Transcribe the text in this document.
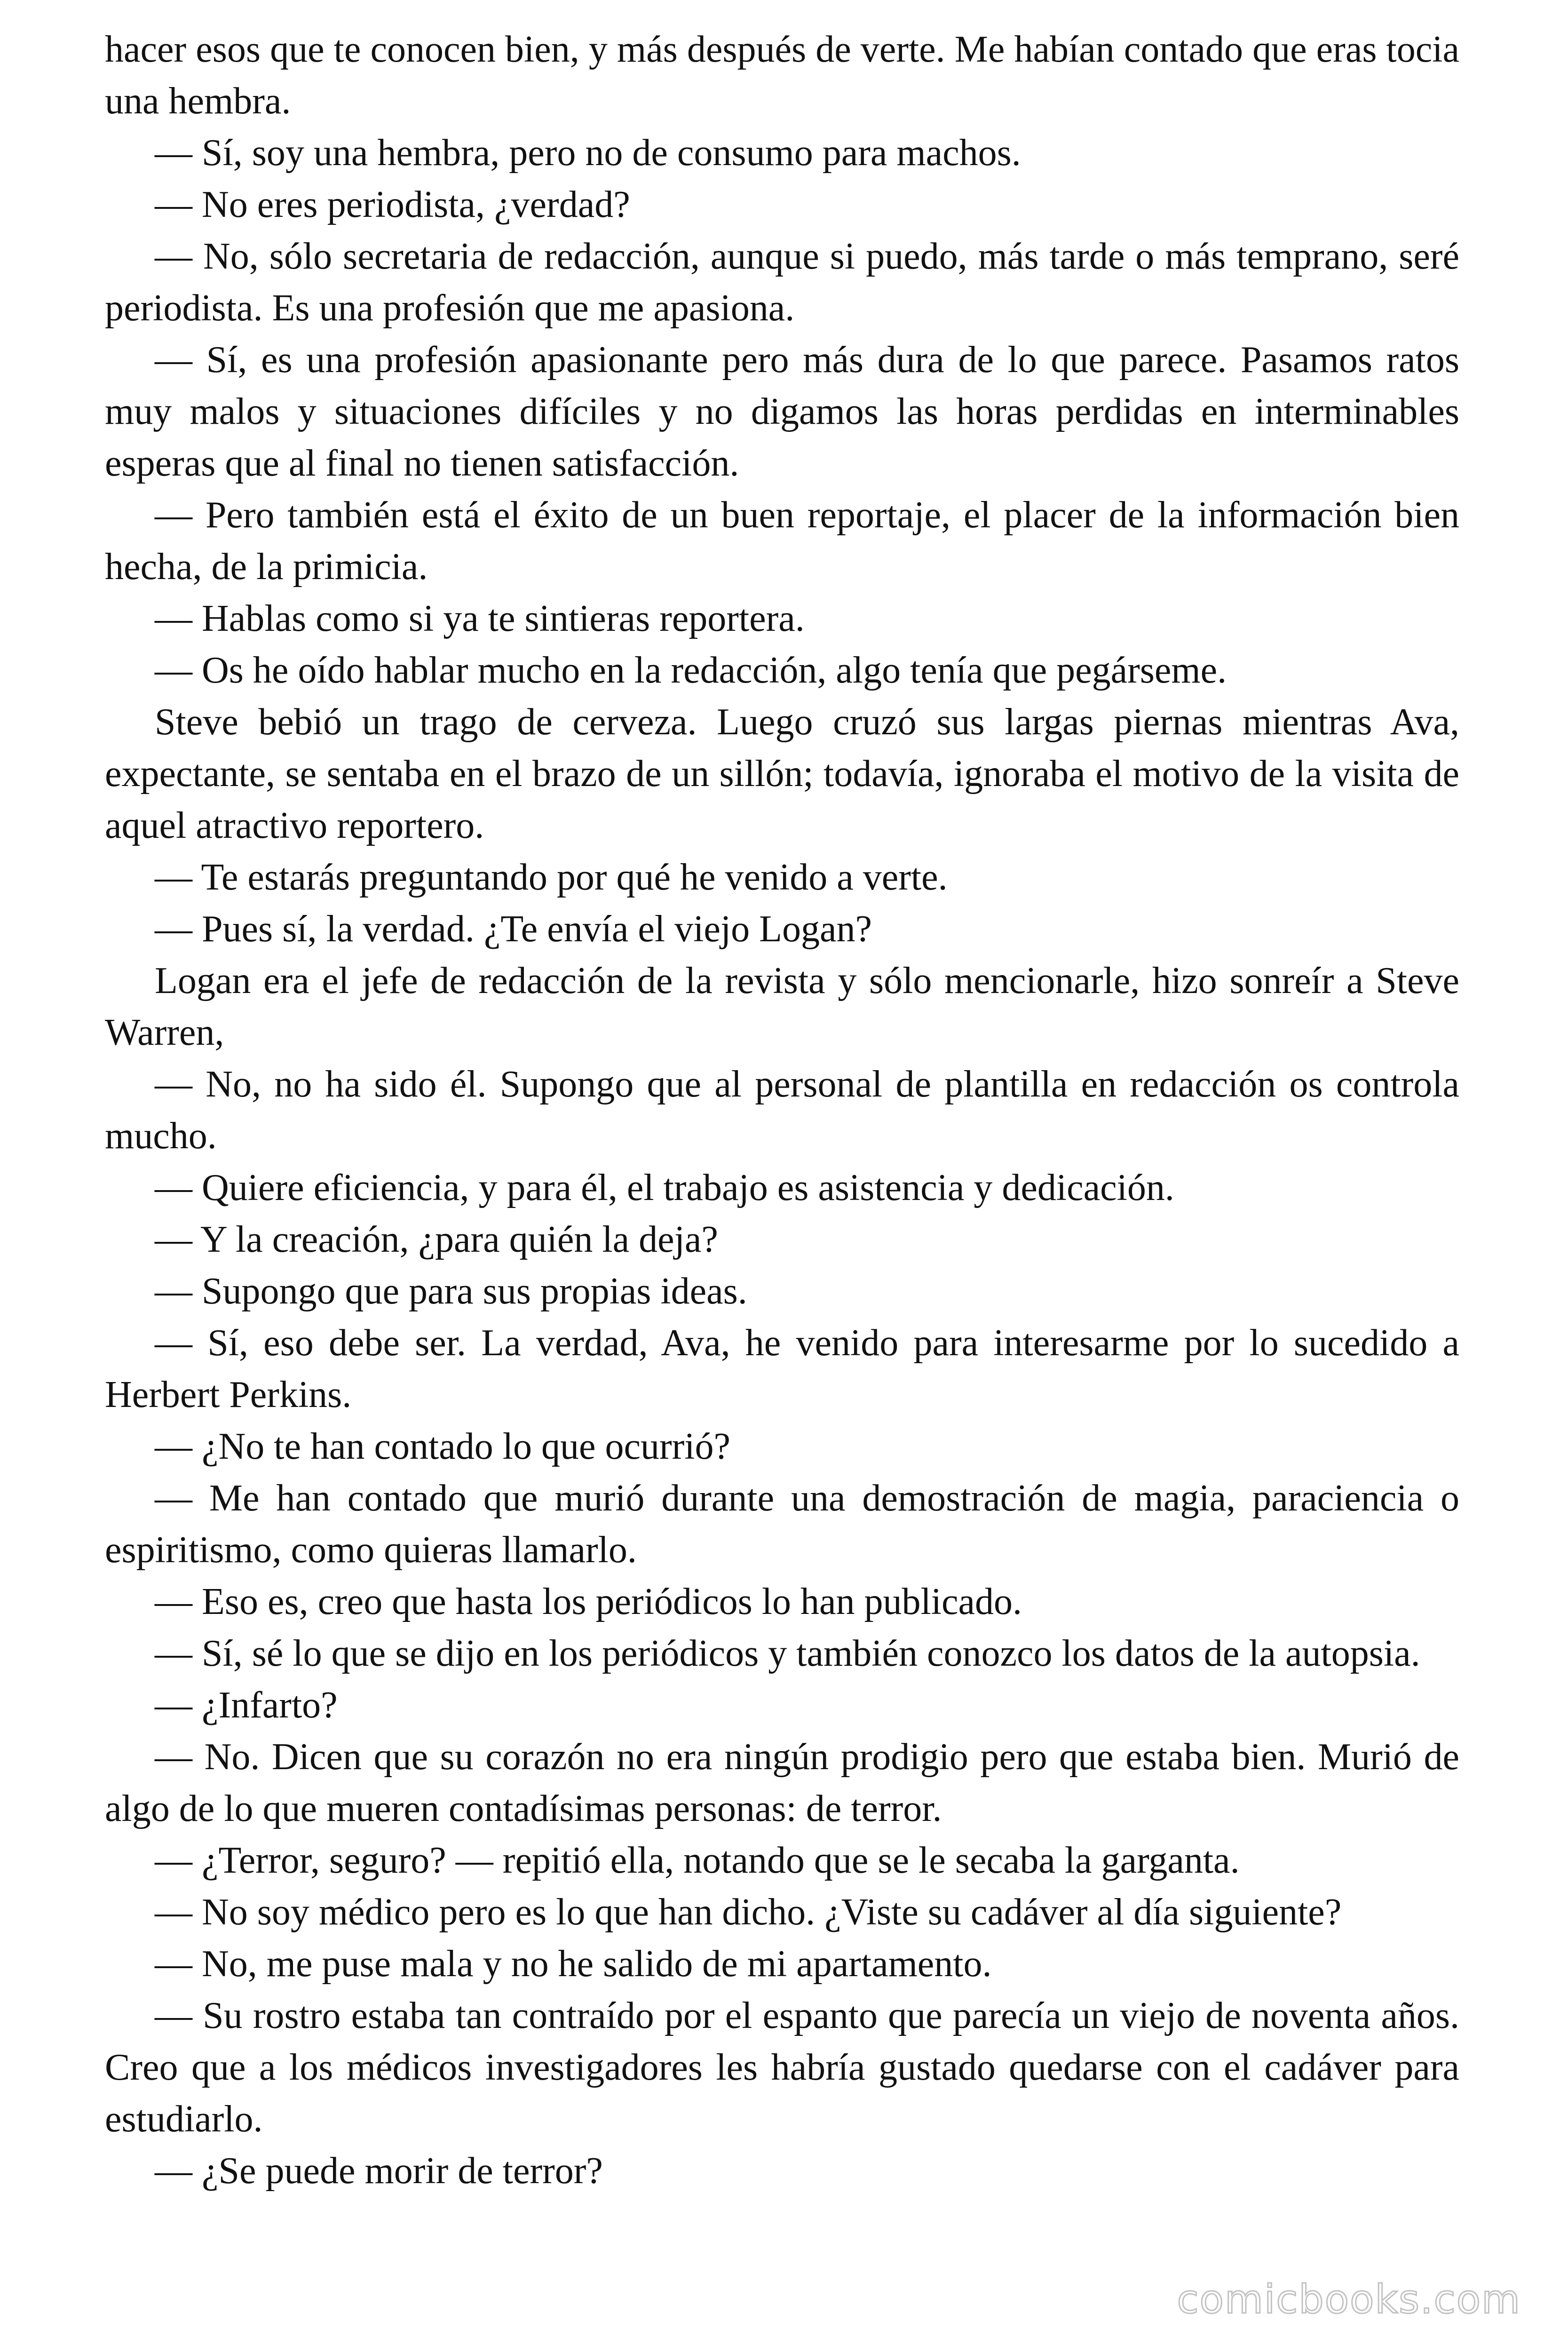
hacer esos que te conocen bien, y más después de verte. Me habían contado que eras tocia una hembra.

— Sí, soy una hembra, pero no de consumo para machos.

— No eres periodista, ¿verdad?

— No, sólo secretaria de redacción, aunque si puedo, más tarde o más temprano, seré periodista. Es una profesión que me apasiona.

— Sí, es una profesión apasionante pero más dura de lo que parece. Pasamos ratos muy malos y situaciones difíciles y no digamos las horas perdidas en interminables esperas que al final no tienen satisfacción.

— Pero también está el éxito de un buen reportaje, el placer de la información bien hecha, de la primicia.

— Hablas como si ya te sintieras reportera.

— Os he oído hablar mucho en la redacción, algo tenía que pegárseme.

Steve bebió un trago de cerveza. Luego cruzó sus largas piernas mientras Ava, expectante, se sentaba en el brazo de un sillón; todavía, ignoraba el motivo de la visita de aquel atractivo reportero.

— Te estarás preguntando por qué he venido a verte.

— Pues sí, la verdad. ¿Te envía el viejo Logan?

Logan era el jefe de redacción de la revista y sólo mencionarle, hizo sonreír a Steve Warren,

— No, no ha sido él. Supongo que al personal de plantilla en redacción os controla mucho.

— Quiere eficiencia, y para él, el trabajo es asistencia y dedicación.

— Y la creación, ¿para quién la deja?

— Supongo que para sus propias ideas.

— Sí, eso debe ser. La verdad, Ava, he venido para interesarme por lo sucedido a Herbert Perkins.

— ¿No te han contado lo que ocurrió?

— Me han contado que murió durante una demostración de magia, paraciencia o espiritismo, como quieras llamarlo.

— Eso es, creo que hasta los periódicos lo han publicado.

— Sí, sé lo que se dijo en los periódicos y también conozco los datos de la autopsia.

— ¿Infarto?

— No. Dicen que su corazón no era ningún prodigio pero que estaba bien. Murió de algo de lo que mueren contadísimas personas: de terror.

— ¿Terror, seguro? — repitió ella, notando que se le secaba la garganta.

— No soy médico pero es lo que han dicho. ¿Viste su cadáver al día siguiente?

— No, me puse mala y no he salido de mi apartamento.

— Su rostro estaba tan contraído por el espanto que parecía un viejo de noventa años. Creo que a los médicos investigadores les habría gustado quedarse con el cadáver para estudiarlo.

— ¿Se puede morir de terror?

comicbooks.com
